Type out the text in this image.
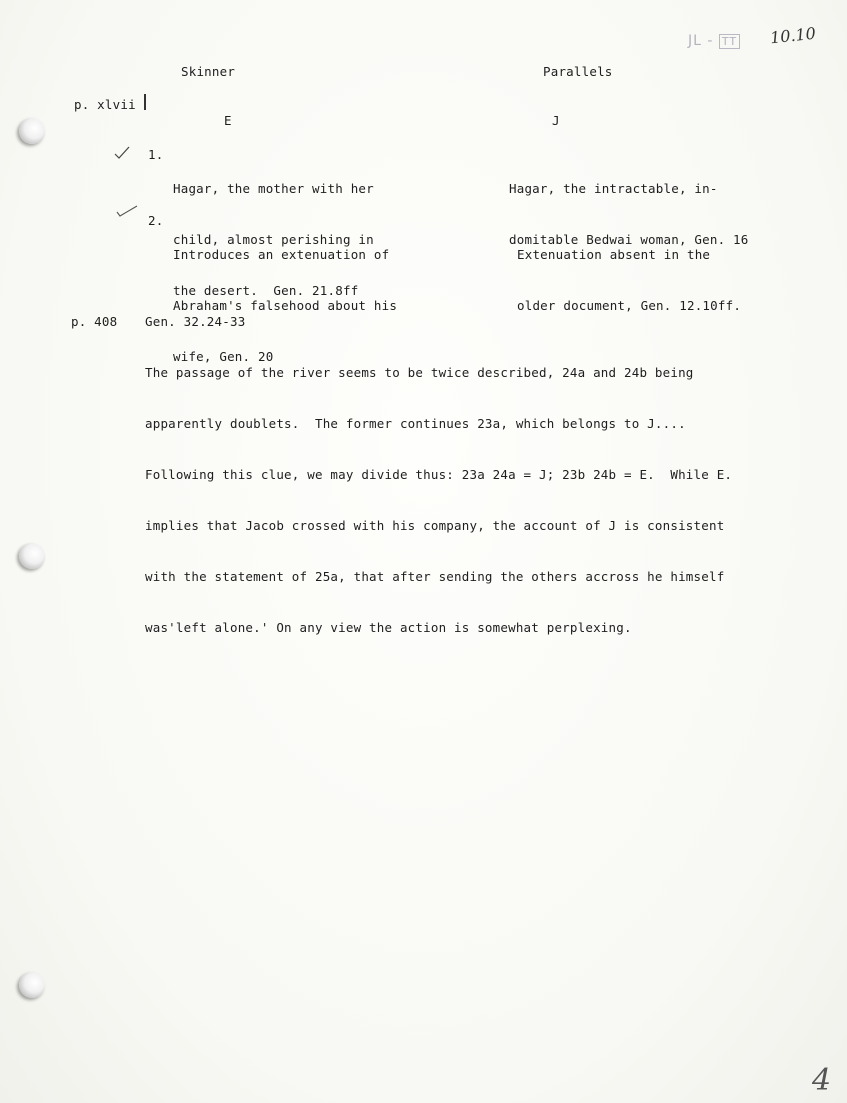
JL - TT 10.10
Skinner	Parallels
p. xlvii
E	J
1.

Hagar, the mother with her

child, almost perishing in

the desert.  Gen. 21.8ff

Hagar, the intractable, in-

domitable Bedwai woman, Gen. 16

2.

Introduces an extenuation of

Abraham's falsehood about his

wife, Gen. 20

Extenuation absent in the

older document, Gen. 12.10ff.

p. 408 Gen. 32.24-33

The passage of the river seems to be twice described, 24a and 24b being

apparently doublets.  The former continues 23a, which belongs to J....

Following this clue, we may divide thus: 23a 24a = J; 23b 24b = E.  While E.

implies that Jacob crossed with his company, the account of J is consistent

with the statement of 25a, that after sending the others accross he himself

was'left alone.' On any view the action is somewhat perplexing.

4
